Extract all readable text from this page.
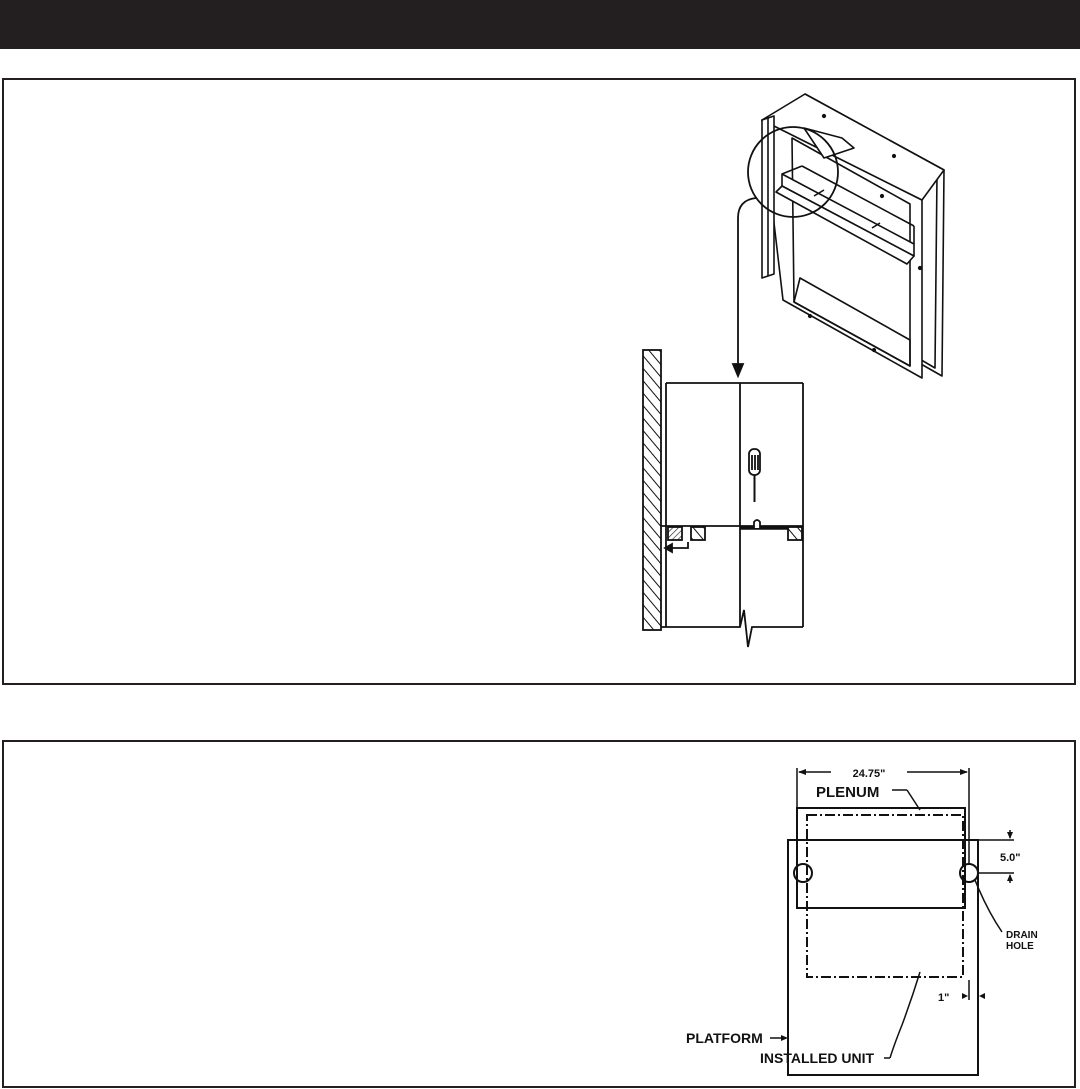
24.75"
PLENUM
5.0"
DRAIN
HOLE
PLATFORM
1"
INSTALLED UNIT
